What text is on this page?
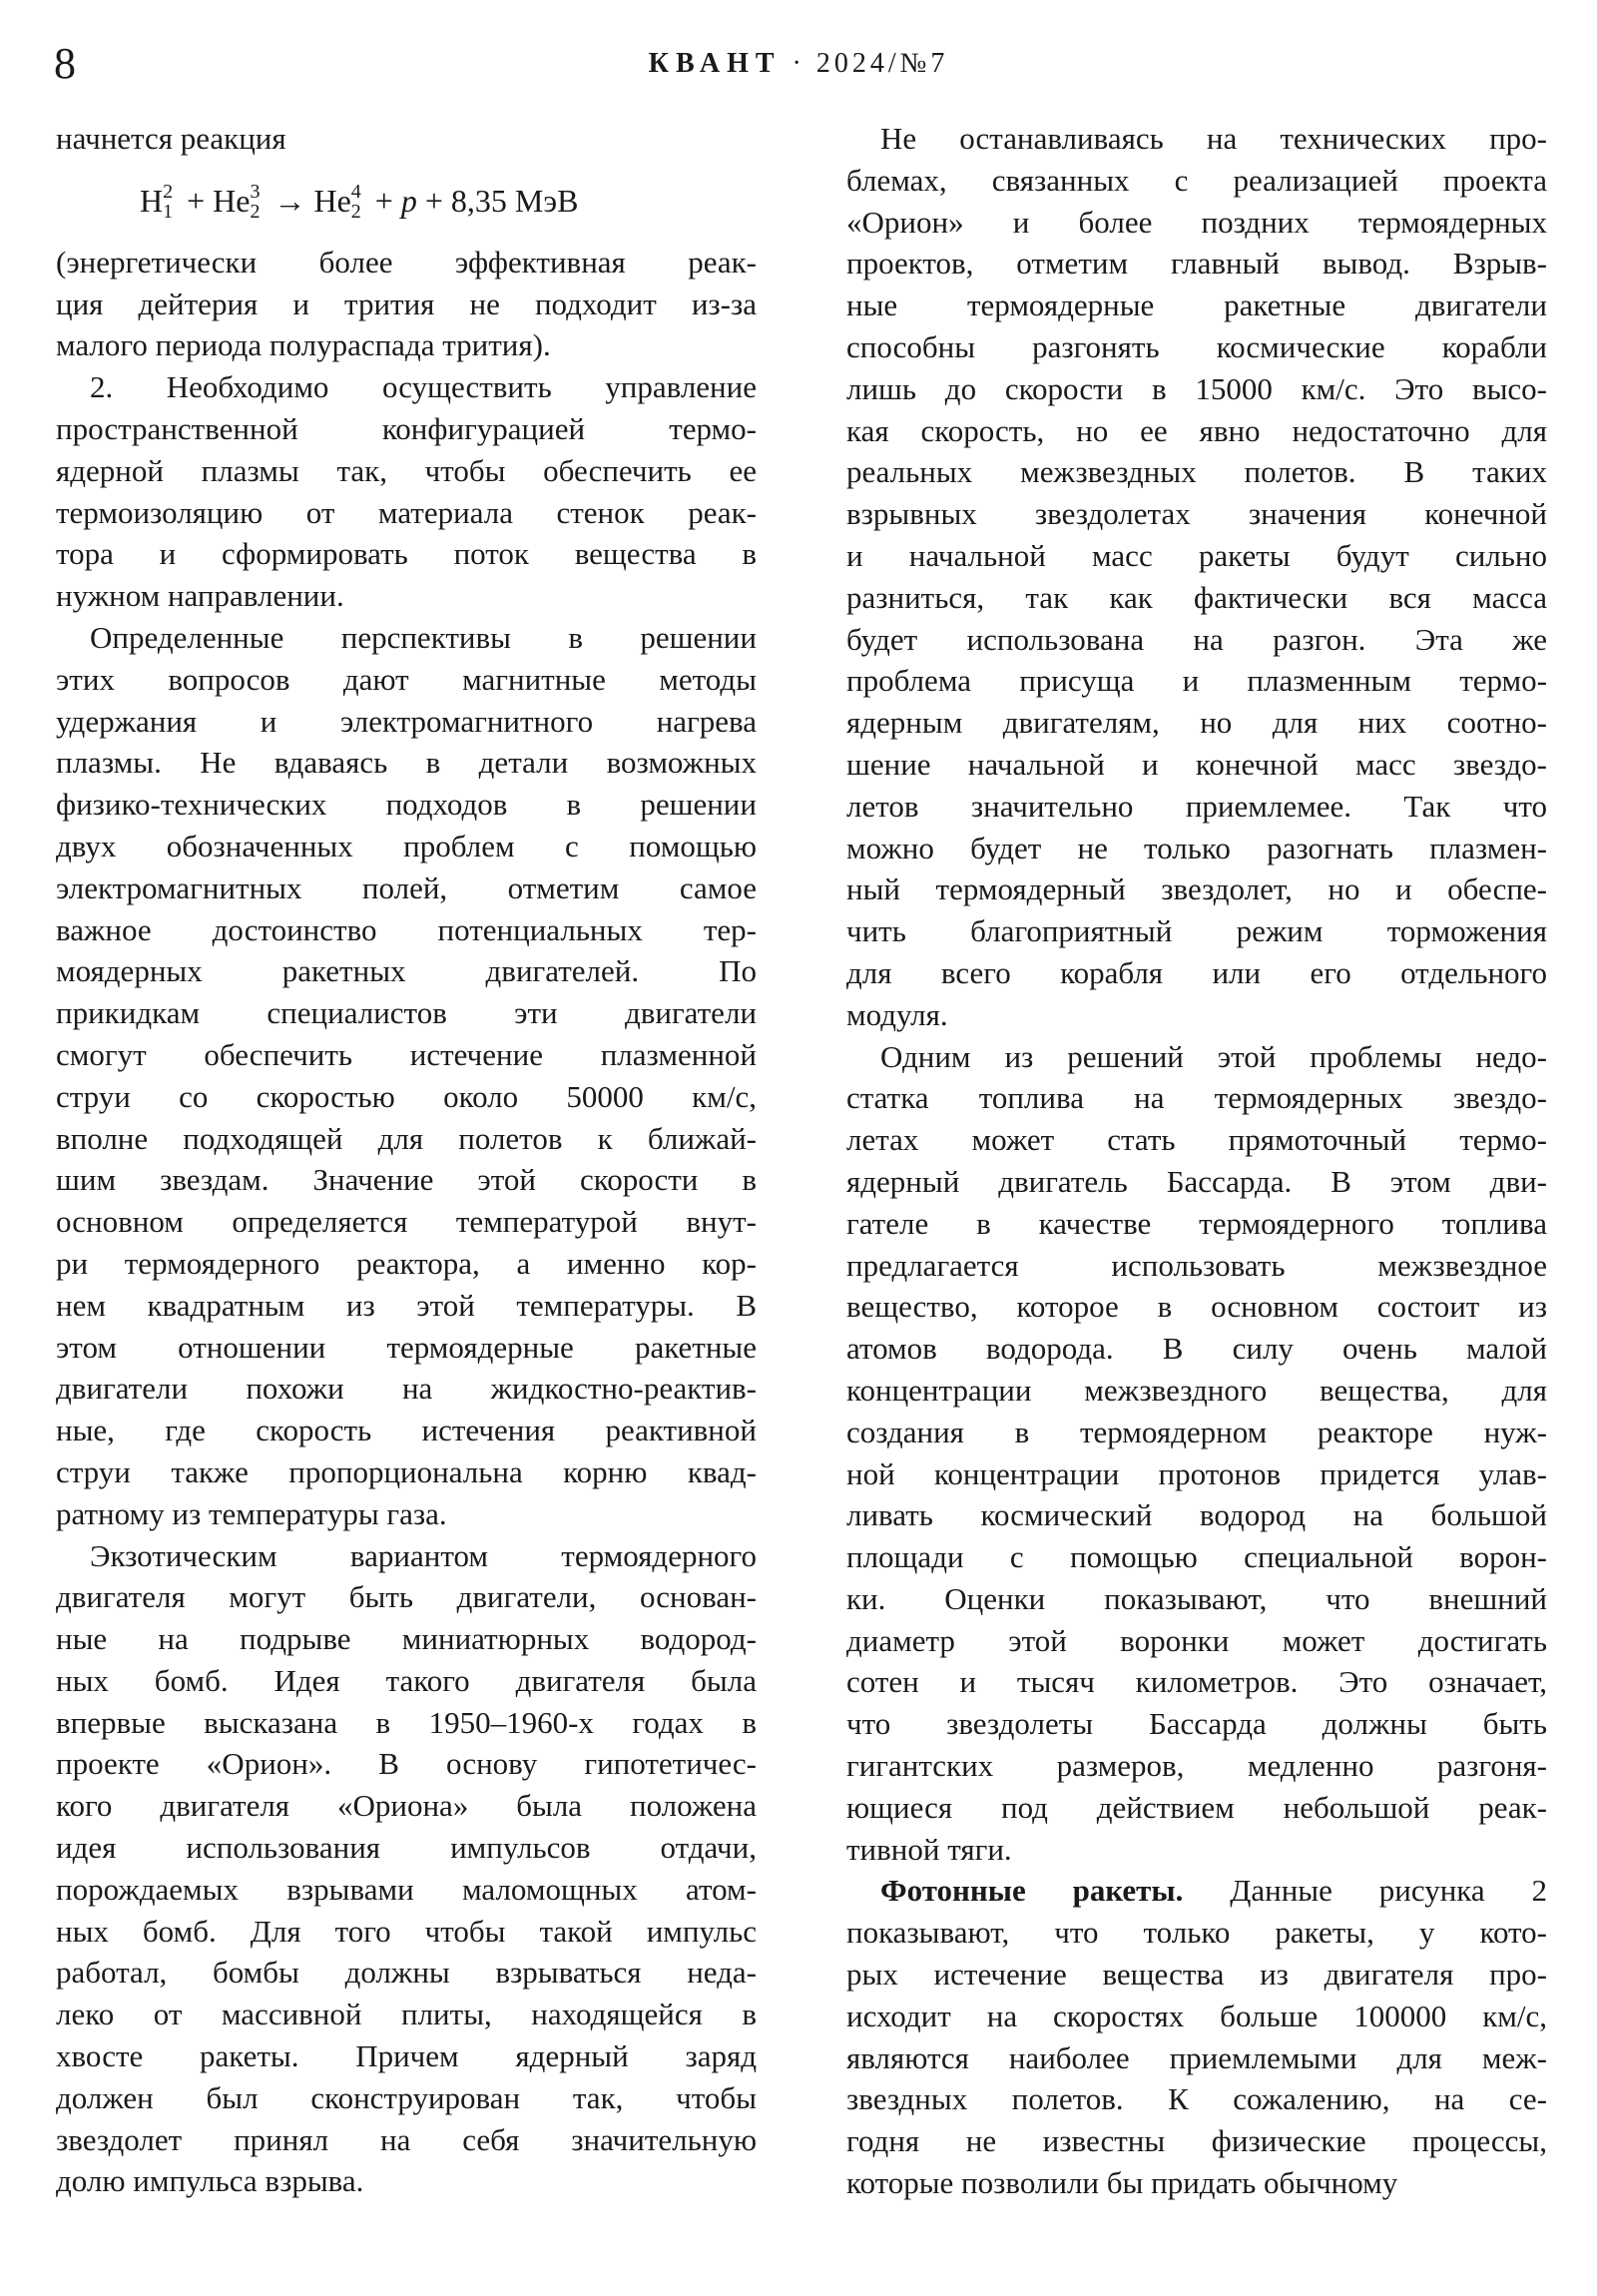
8	КВАНТ · 2024/№7
начнется реакция
H 2
1 + He 3
2 → He 4
2 + p + 8,35 МэВ
(энергетически более эффективная реак-
ция дейтерия и трития не подходит из-за
малого периода полураспада трития).
2. Необходимо осуществить управление
пространственной конфигурацией термо-
ядерной плазмы так, чтобы обеспечить ее
термоизоляцию от материала стенок реак-
тора и сформировать поток вещества в
нужном направлении.
Определенные перспективы в решении
этих вопросов дают магнитные методы
удержания и электромагнитного нагрева
плазмы. Не вдаваясь в детали возможных
физико-технических подходов в решении
двух обозначенных проблем с помощью
электромагнитных полей, отметим самое
важное достоинство потенциальных тер-
моядерных ракетных двигателей. По
прикидкам специалистов эти двигатели
смогут обеспечить истечение плазменной
струи со скоростью около 50000 км/с,
вполне подходящей для полетов к ближай-
шим звездам. Значение этой скорости в
основном определяется температурой внут-
ри термоядерного реактора, а именно кор-
нем квадратным из этой температуры. В
этом отношении термоядерные ракетные
двигатели похожи на жидкостно-реактив-
ные, где скорость истечения реактивной
струи также пропорциональна корню квад-
ратному из температуры газа.
Экзотическим вариантом термоядерного
двигателя могут быть двигатели, основан-
ные на подрыве миниатюрных водород-
ных бомб. Идея такого двигателя была
впервые высказана в 1950–1960-х годах в
проекте «Орион». В основу гипотетичес-
кого двигателя «Ориона» была положена
идея использования импульсов отдачи,
порождаемых взрывами маломощных атом-
ных бомб. Для того чтобы такой импульс
работал, бомбы должны взрываться неда-
леко от массивной плиты, находящейся в
хвосте ракеты. Причем ядерный заряд
должен был сконструирован так, чтобы
звездолет принял на себя значительную
долю импульса взрыва.
Не останавливаясь на технических про-
блемах, связанных с реализацией проекта
«Орион» и более поздних термоядерных
проектов, отметим главный вывод. Взрыв-
ные термоядерные ракетные двигатели
способны разгонять космические корабли
лишь до скорости в 15000 км/с. Это высо-
кая скорость, но ее явно недостаточно для
реальных межзвездных полетов. В таких
взрывных звездолетах значения конечной
и начальной масс ракеты будут сильно
разниться, так как фактически вся масса
будет использована на разгон. Эта же
проблема присуща и плазменным термо-
ядерным двигателям, но для них соотно-
шение начальной и конечной масс звездо-
летов значительно приемлемее. Так что
можно будет не только разогнать плазмен-
ный термоядерный звездолет, но и обеспе-
чить благоприятный режим торможения
для всего корабля или его отдельного
модуля.
Одним из решений этой проблемы недо-
статка топлива на термоядерных звездо-
летах может стать прямоточный термо-
ядерный двигатель Бассарда. В этом дви-
гателе в качестве термоядерного топлива
предлагается использовать межзвездное
вещество, которое в основном состоит из
атомов водорода. В силу очень малой
концентрации межзвездного вещества, для
создания в термоядерном реакторе нуж-
ной концентрации протонов придется улав-
ливать космический водород на большой
площади с помощью специальной ворон-
ки. Оценки показывают, что внешний
диаметр этой воронки может достигать
сотен и тысяч километров. Это означает,
что звездолеты Бассарда должны быть
гигантских размеров, медленно разгоня-
ющиеся под действием небольшой реак-
тивной тяги.
Фотонные ракеты. Данные рисунка 2
показывают, что только ракеты, у кото-
рых истечение вещества из двигателя про-
исходит на скоростях больше 100000 км/с,
являются наиболее приемлемыми для меж-
звездных полетов. К сожалению, на се-
годня не известны физические процессы,
которые позволили бы придать обычному
